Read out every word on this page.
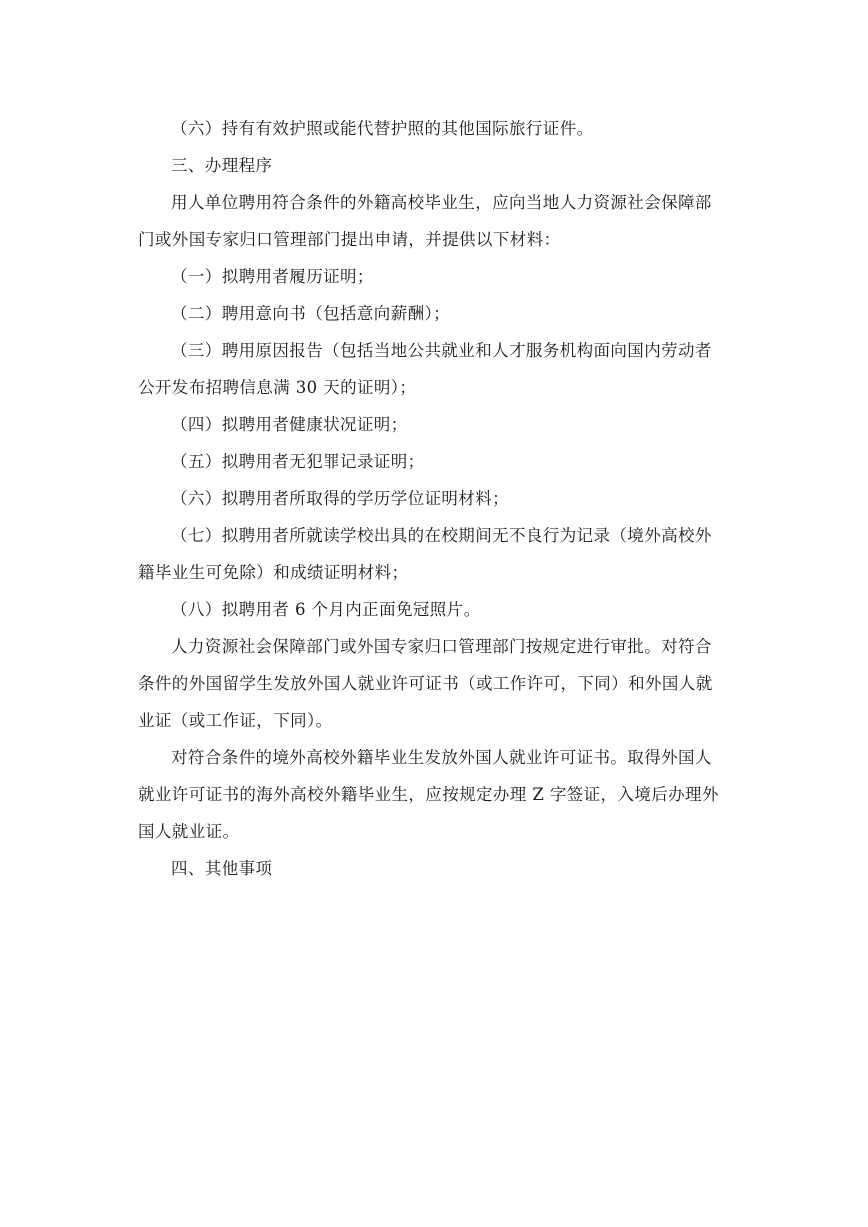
（六）持有有效护照或能代替护照的其他国际旅行证件。

三、办理程序

用人单位聘用符合条件的外籍高校毕业生，应向当地人力资源社会保障部
门或外国专家归口管理部门提出申请，并提供以下材料：

（一）拟聘用者履历证明；

（二）聘用意向书（包括意向薪酬）；

（三）聘用原因报告（包括当地公共就业和人才服务机构面向国内劳动者
公开发布招聘信息满 30 天的证明）；

（四）拟聘用者健康状况证明；

（五）拟聘用者无犯罪记录证明；

（六）拟聘用者所取得的学历学位证明材料；

（七）拟聘用者所就读学校出具的在校期间无不良行为记录（境外高校外
籍毕业生可免除）和成绩证明材料；

（八）拟聘用者 6 个月内正面免冠照片。

人力资源社会保障部门或外国专家归口管理部门按规定进行审批。对符合
条件的外国留学生发放外国人就业许可证书（或工作许可，下同）和外国人就
业证（或工作证，下同）。

对符合条件的境外高校外籍毕业生发放外国人就业许可证书。取得外国人
就业许可证书的海外高校外籍毕业生，应按规定办理 Z 字签证，入境后办理外
国人就业证。

四、其他事项
